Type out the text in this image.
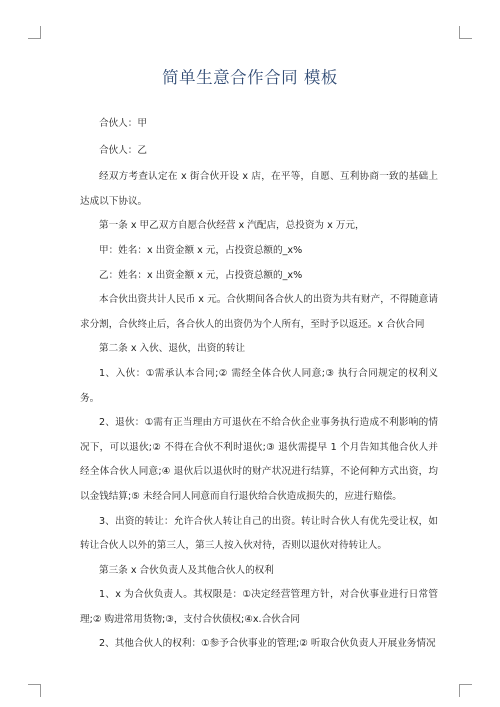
简单生意合作合同 模板

合伙人：甲

合伙人：乙

经双方考查认定在 x 街合伙开设 x 店，在平等，自愿、互利协商一致的基础上达成以下协议。

第一条 x 甲乙双方自愿合伙经营 x 汽配店，总投资为 x 万元，

甲：姓名：x 出资金额 x 元，占投资总额的_x%

乙：姓名：x 出资金额 x 元，占投资总额的_x%

本合伙出资共计人民币 x 元。合伙期间各合伙人的出资为共有财产，不得随意请求分割，合伙终止后，各合伙人的出资仍为个人所有，至时予以返还。x 合伙合同

第二条 x 入伙、退伙，出资的转让

1、入伙：①需承认本合同;② 需经全体合伙人同意;③ 执行合同规定的权利义务。

2、退伙：①需有正当理由方可退伙在不给合伙企业事务执行造成不利影响的情况下，可以退伙;② 不得在合伙不利时退伙;③ 退伙需提早 1 个月告知其他合伙人并经全体合伙人同意;④ 退伙后以退伙时的财产状况进行结算，不论何种方式出资，均以金钱结算;⑤ 未经合同人同意而自行退伙给合伙造成损失的，应进行赔偿。

3、出资的转让：允许合伙人转让自己的出资。转让时合伙人有优先受让权，如转让合伙人以外的第三人，第三人按入伙对待，否则以退伙对待转让人。

第三条 x 合伙负责人及其他合伙人的权利

1、x 为合伙负责人。其权限是：①决定经营管理方针，对合伙事业进行日常管理;② 购进常用货物;③，支付合伙债权;④x.合伙合同

2、其他合伙人的权利：①参予合伙事业的管理;② 听取合伙负责人开展业务情况
